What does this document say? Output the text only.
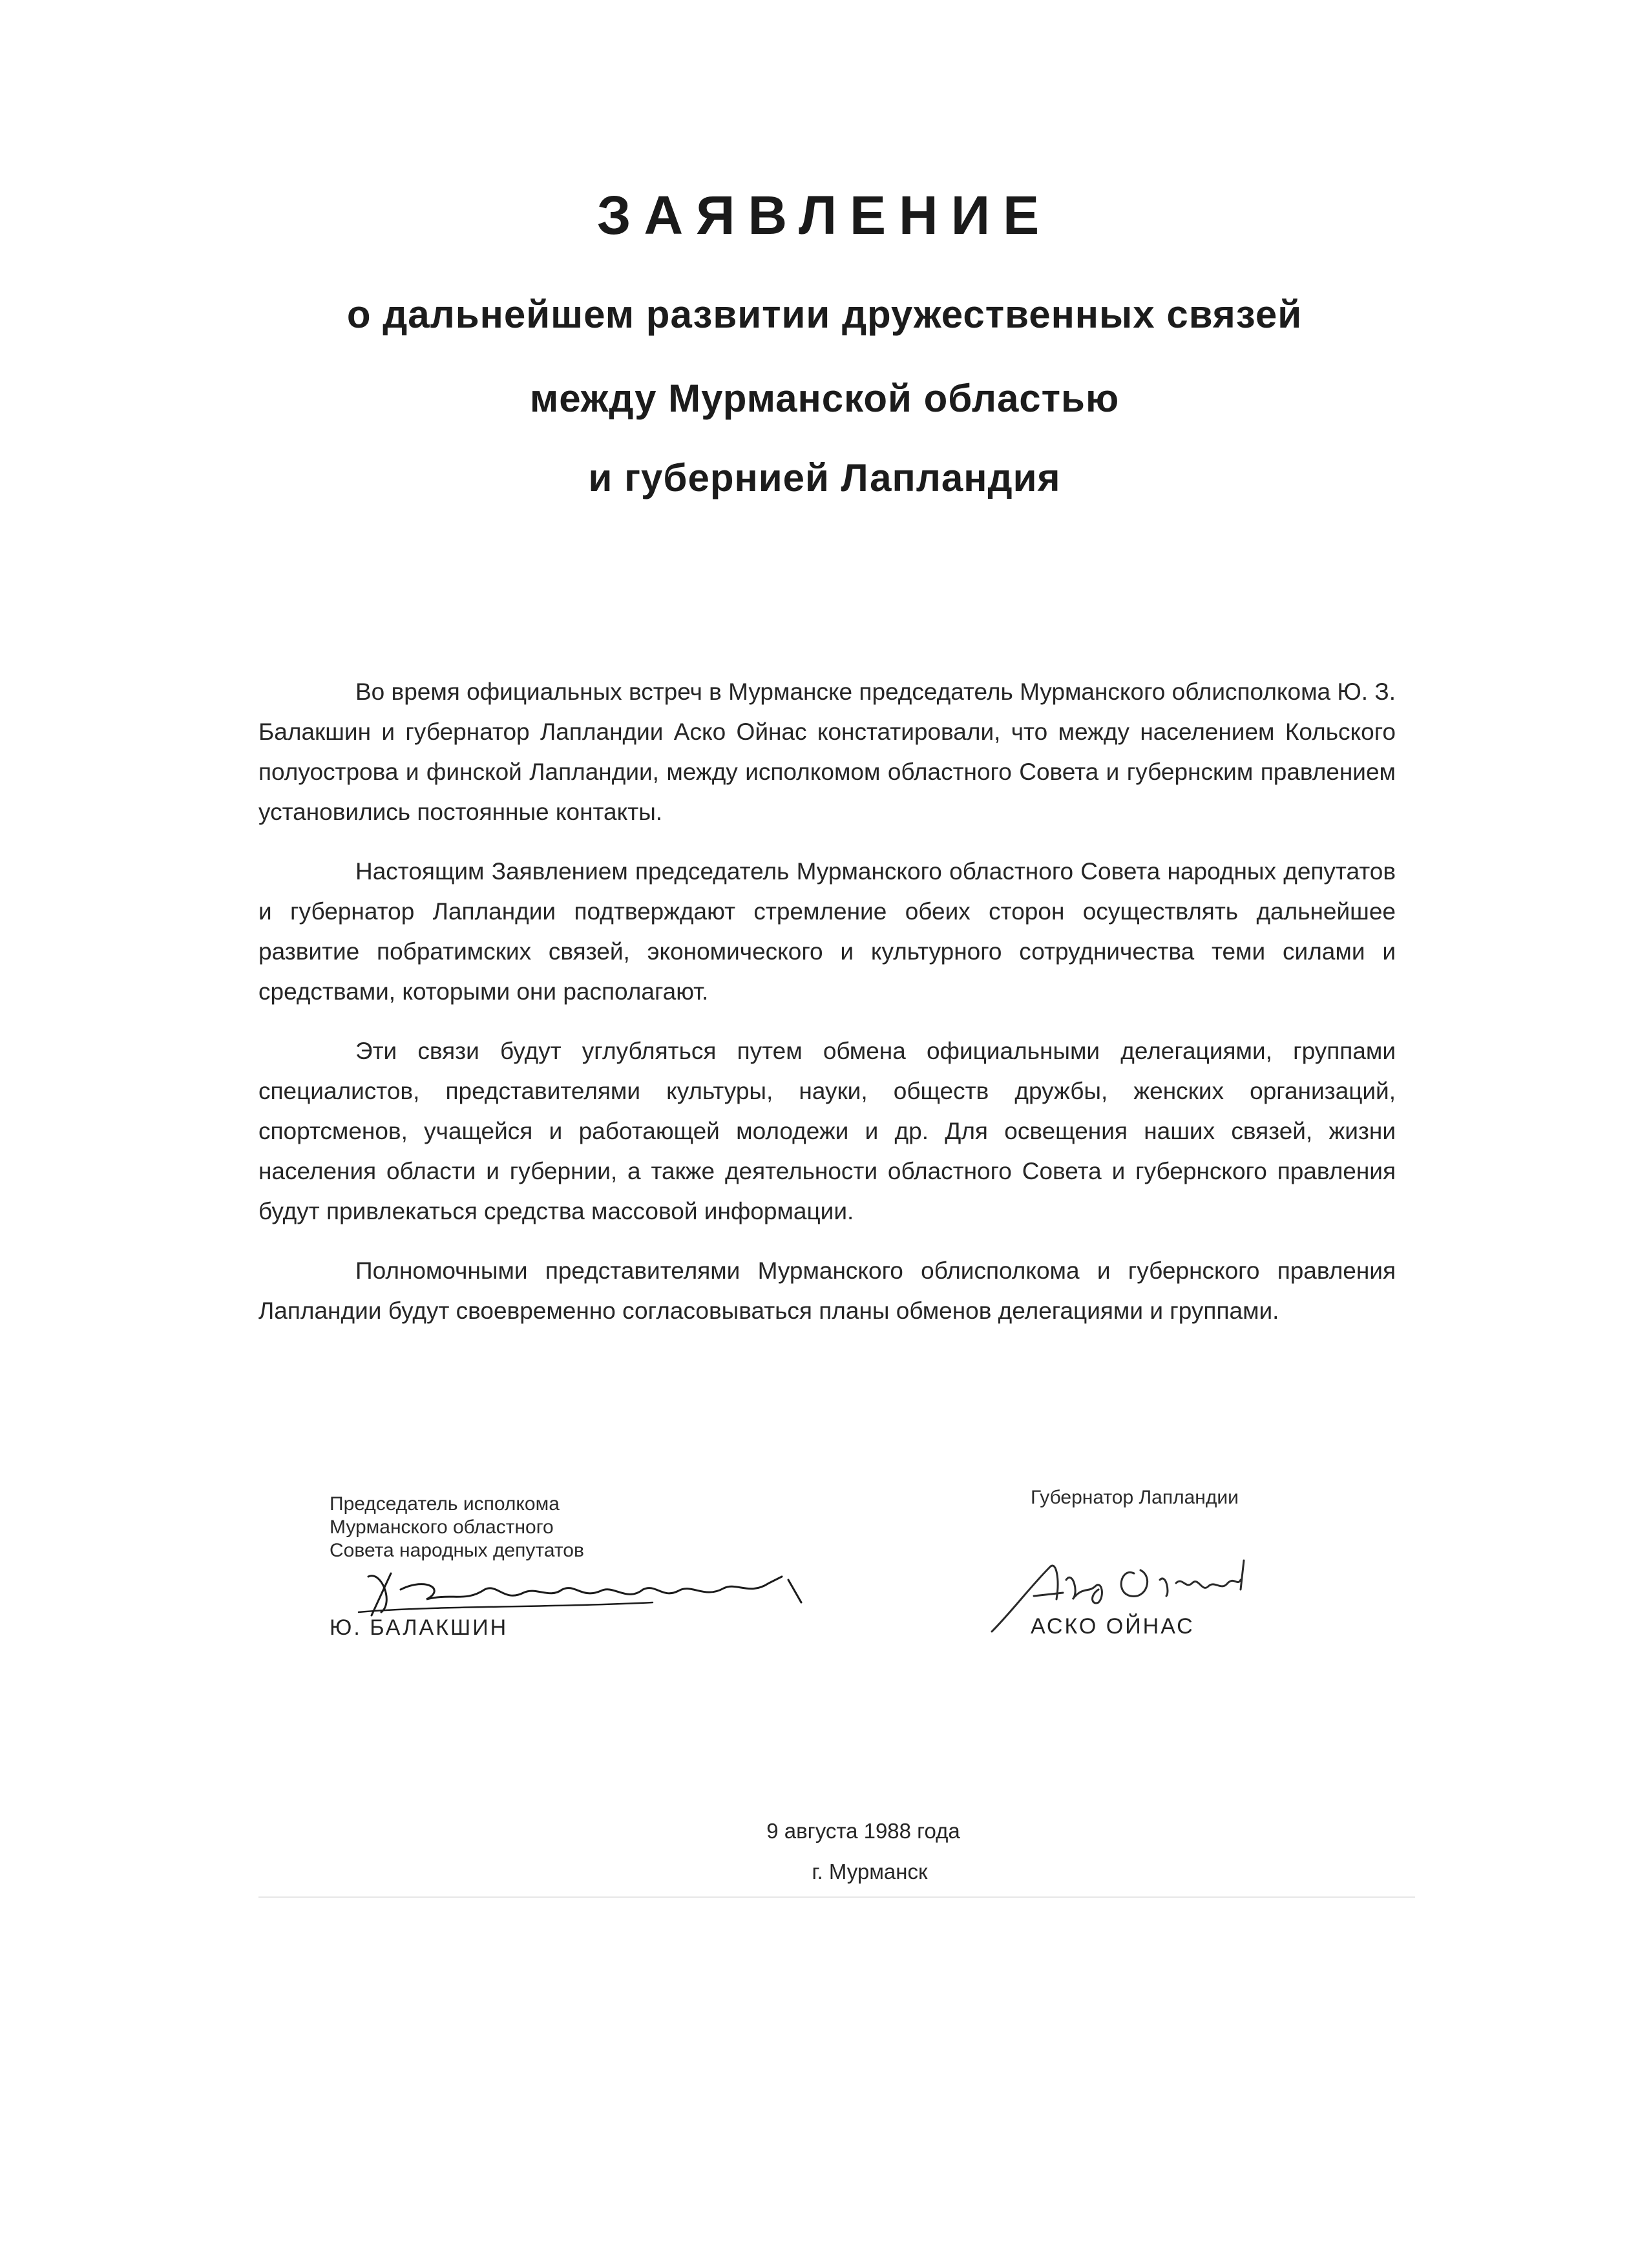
ЗАЯВЛЕНИЕ
о дальнейшем развитии дружественных связей
между Мурманской областью
и губернией Лапландия

Во время официальных встреч в Мурманске председатель Мурманского облисполкома Ю. З. Балакшин и губернатор Лапландии Аско Ойнас констатировали, что между населением Кольского полуострова и финской Лапландии, между исполкомом областного Совета и губернским правлением установились постоянные контакты.

Настоящим Заявлением председатель Мурманского областного Совета народных депутатов и губернатор Лапландии подтверждают стремление обеих сторон осуществлять дальнейшее развитие побратимских связей, экономического и культурного сотрудничества теми силами и средствами, которыми они располагают.

Эти связи будут углубляться путем обмена официальными делегациями, группами специалистов, представителями культуры, науки, обществ дружбы, женских организаций, спортсменов, учащейся и работающей молодежи и др. Для освещения наших связей, жизни населения области и губернии, а также деятельности областного Совета и губернского правления будут привлекаться средства массовой информации.

Полномочными представителями Мурманского облисполкома и губернского правления Лапландии будут своевременно согласовываться планы обменов делегациями и группами.

Председатель исполкома
Мурманского областного
Совета народных депутатов
Ю. БАЛАКШИН
Губернатор Лапландии
АСКО ОЙНАС
9 августа 1988 года
г. Мурманск
